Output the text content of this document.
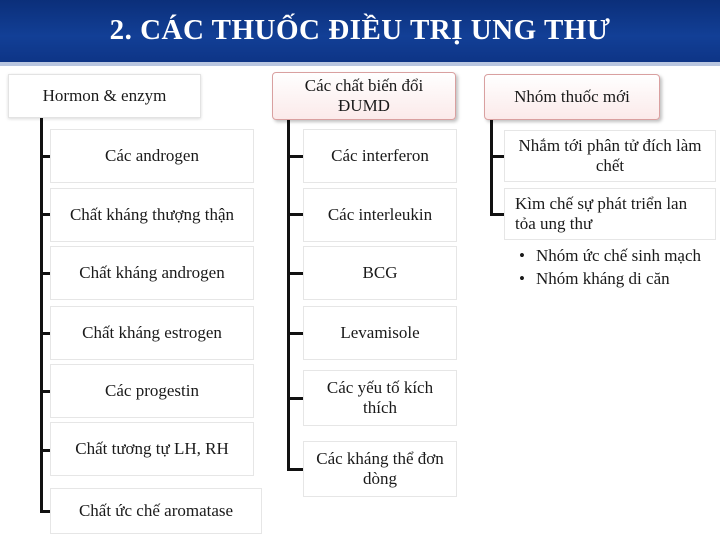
2. CÁC THUỐC ĐIỀU TRỊ UNG THƯ
Hormon & enzym
Các androgen
Chất kháng thượng thận
Chất kháng androgen
Chất kháng estrogen
Các progestin
Chất tương tự LH, RH
Chất ức chế aromatase
Các chất biến đổi ĐUMD
Các interferon
Các interleukin
BCG
Levamisole
Các yếu tố kích thích
Các kháng thể đơn dòng
Nhóm thuốc mới
Nhắm tới phân tử đích làm chết
Kìm chế sự phát triển lan tỏa ung thư
• Nhóm ức chế sinh mạch
• Nhóm kháng di căn
